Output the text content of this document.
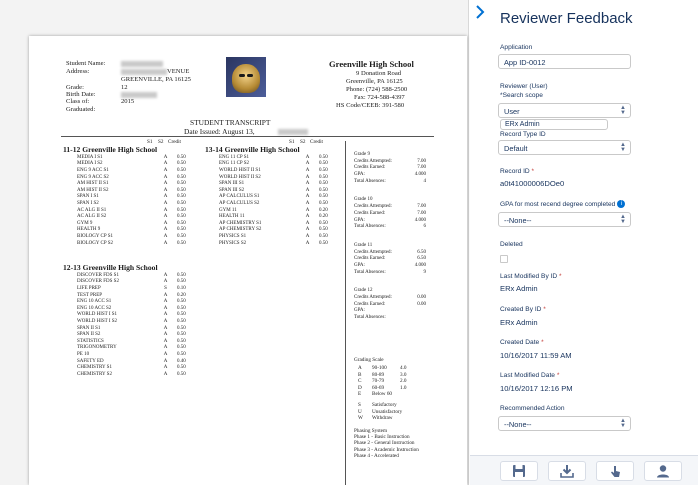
Student Name:
Address:	VENUE
GREENVILLE, PA 16125
Grade:	12
Birth Date:
Class of:	2015
Graduated:
Greenville High School
9 Donation Road
Greenville, PA 16125
Phone: (724) 588-2500
Fax: 724-588-4397
HS Code/CEEB: 391-580
STUDENT TRANSCRIPT
Date Issued: August 13,
S1 S2 Credit	S1 S2 Credit
11-12 Greenville High School
MEDIA I S1	A	0.50
MEDIA I S2	A	0.50
ENG 9 ACC S1	A	0.50
ENG 9 ACC S2	A	0.50
AM HIST II S1	A	0.50
AM HIST II S2	A	0.50
SPAN I S1	A	0.50
SPAN I S2	A	0.50
AC ALG II S1	A	0.50
AC ALG II S2	A	0.50
GYM 9	A	0.50
HEALTH 9	A	0.50
BIOLOGY CP S1	A	0.50
BIOLOGY CP S2	A	0.50
12-13 Greenville High School
DISCOVER FDS S1	A	0.50
DISCOVER FDS S2	A	0.50
LIFE PREP	S	0.10
TEST PREP	A	0.20
ENG 10 ACC S1	A	0.50
ENG 10 ACC S2	A	0.50
WORLD HIST I S1	A	0.50
WORLD HIST I S2	A	0.50
SPAN II S1	A	0.50
SPAN II S2	A	0.50
STATISTICS	A	0.50
TRIGONOMETRY	A	0.50
PE 10	A	0.50
SAFETY ED	A	0.40
CHEMISTRY S1	A	0.50
CHEMISTRY S2	A	0.50
13-14 Greenville High School
ENG 11 CP S1	A	0.50
ENG 11 CP S2	A	0.50
WORLD HIST II S1	A	0.50
WORLD HIST II S2	A	0.50
SPAN III S1	A	0.50
SPAN III S2	A	0.50
AP CALCULUS S1	A	0.50
AP CALCULUS S2	A	0.50
GYM 11	A	0.20
HEALTH 11	A	0.20
AP CHEMISTRY S1	A	0.50
AP CHEMISTRY S2	A	0.50
PHYSICS S1	A	0.50
PHYSICS S2	A	0.50
Grade 9
Credits Attempted:	7.00
Credits Earned:	7.00
GPA:	4.000
Total Absences:	4
Grade 10
Credits Attempted:	7.00
Credits Earned:	7.00
GPA:	4.000
Total Absences:	6
Grade 11
Credits Attempted:	6.50
Credits Earned:	6.50
GPA:	4.000
Total Absences:	9
Grade 12
Credits Attempted:	0.00
Credits Earned:	0.00
GPA:
Total Absences:
Grading Scale
A	90-100	4.0
B	80-89	3.0
C	70-79	2.0
D	60-69	1.0
E	Below 60
S	Satisfactory
U	Unsatisfactory
W	Withdraw
Phasing System
Phase 1 - Basic Instruction
Phase 2 - General Instruction
Phase 3 - Academic Instruction
Phase 4 - Accelerated
Reviewer Feedback
Application
App ID-0012
Reviewer (User)
*Search scope
User	▲
▼
ERx Admin
Record Type ID
Default	▲
▼
Record ID *
a0t41000006DOe0
GPA for most recend degree completed i
--None--	▲
▼
Deleted
Last Modified By ID *
ERx Admin
Created By ID *
ERx Admin
Created Date *
10/16/2017 11:59 AM
Last Modified Date *
10/16/2017 12:16 PM
Recommended Action
--None--	▲
▼
